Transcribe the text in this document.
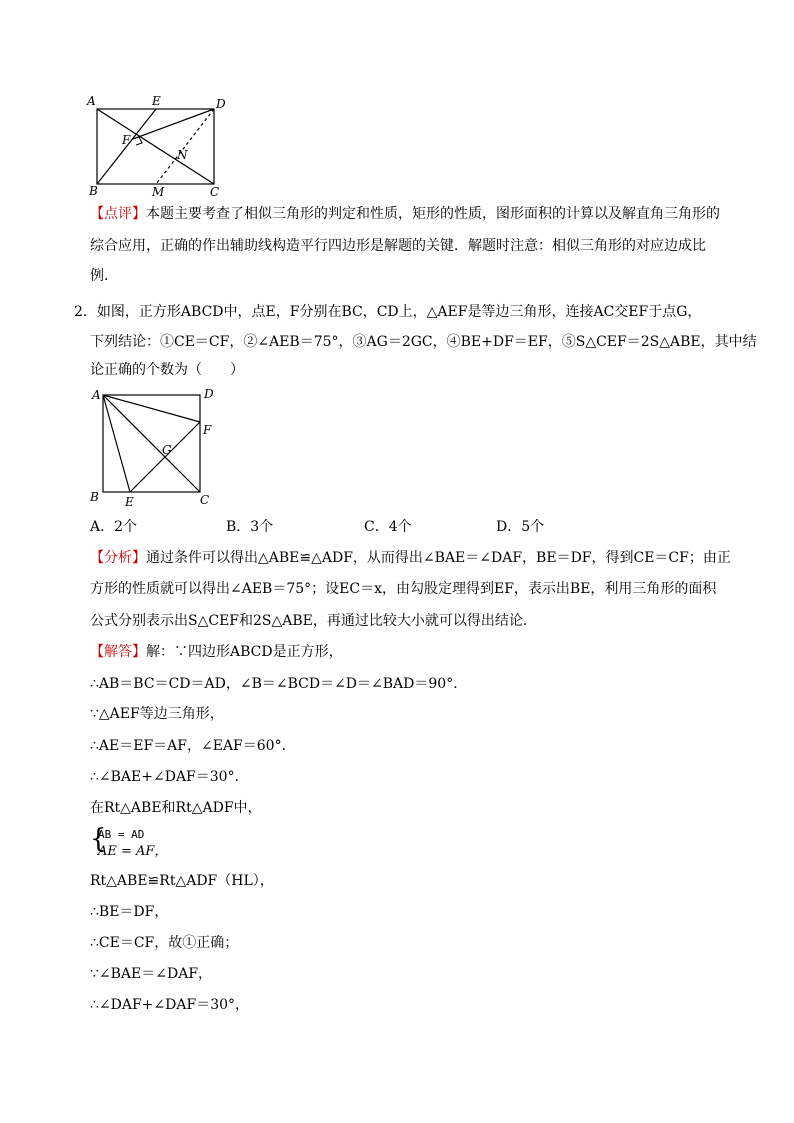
A	E	D
F
N
B	M	C
【点评】本题主要考查了相似三角形的判定和性质，矩形的性质，图形面积的计算以及解直角三角形的
综合应用，正确的作出辅助线构造平行四边形是解题的关键．解题时注意：相似三角形的对应边成比
例．
2．如图，正方形ABCD中，点E，F分别在BC，CD上，△AEF是等边三角形，连接AC交EF于点G，
下列结论：①CE＝CF，②∠AEB＝75°，③AG＝2GC，④BE+DF＝EF，⑤S△CEF＝2S△ABE，其中结
论正确的个数为（　　）
A	D
F
G
B E	C
A．2个	B．3个	C．4个	D．5个
【分析】通过条件可以得出△ABE≌△ADF，从而得出∠BAE＝∠DAF，BE＝DF，得到CE＝CF；由正
方形的性质就可以得出∠AEB＝75°；设EC＝x，由勾股定理得到EF，表示出BE，利用三角形的面积
公式分别表示出S△CEF和2S△ABE，再通过比较大小就可以得出结论．
【解答】解：∵四边形ABCD是正方形，
∴AB＝BC＝CD＝AD，∠B＝∠BCD＝∠D＝∠BAD＝90°．
∵△AEF等边三角形，
∴AE＝EF＝AF，∠EAF＝60°．
∴∠BAE+∠DAF＝30°．
在Rt△ABE和Rt△ADF中，
{
AB = AD
AE = AF，
Rt△ABE≌Rt△ADF（HL），
∴BE＝DF，
∴CE＝CF，故①正确；
∵∠BAE＝∠DAF，
∴∠DAF+∠DAF＝30°，
